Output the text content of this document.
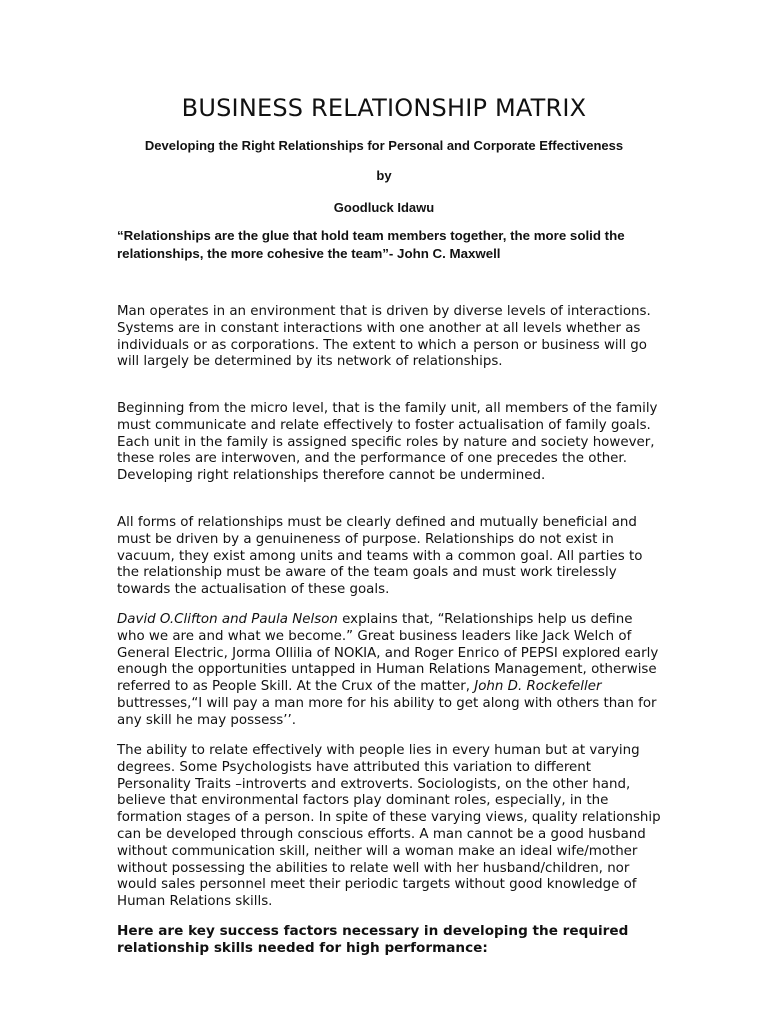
BUSINESS RELATIONSHIP MATRIX
Developing the Right Relationships for Personal and Corporate Effectiveness
by
Goodluck Idawu
“Relationships are the glue that hold team members together, the more solid the relationships, the more cohesive the team”- John C. Maxwell
Man operates in an environment that is driven by diverse levels of interactions. Systems are in constant interactions with one another at all levels whether as individuals or as corporations. The extent to which a person or business will go will largely be determined by its network of relationships.
Beginning from the micro level, that is the family unit, all members of the family must communicate and relate effectively to foster actualisation of family goals. Each unit in the family is assigned specific roles by nature and society however, these roles are interwoven, and the performance of one precedes the other. Developing right relationships therefore cannot be undermined.
All forms of relationships must be clearly defined and mutually beneficial and must be driven by a genuineness of purpose. Relationships do not exist in vacuum, they exist among units and teams with a common goal. All parties to the relationship must be aware of the team goals and must work tirelessly towards the actualisation of these goals.
David O.Clifton and Paula Nelson explains that, “Relationships help us define who we are and what we become.” Great business leaders like Jack Welch of General Electric, Jorma Ollilia of NOKIA, and Roger Enrico of PEPSI explored early enough the opportunities untapped in Human Relations Management, otherwise referred to as People Skill. At the Crux of the matter, John D. Rockefeller buttresses,“I will pay a man more for his ability to get along with others than for any skill he may possess’’.
The ability to relate effectively with people lies in every human but at varying degrees. Some Psychologists have attributed this variation to different Personality Traits –introverts and extroverts. Sociologists, on the other hand, believe that environmental factors play dominant roles, especially, in the formation stages of a person. In spite of these varying views, quality relationship can be developed through conscious efforts. A man cannot be a good husband without communication skill, neither will a woman make an ideal wife/mother without possessing the abilities to relate well with her husband/children, nor would sales personnel meet their periodic targets without good knowledge of Human Relations skills.
Here are key success factors necessary in developing the required relationship skills needed for high performance:
